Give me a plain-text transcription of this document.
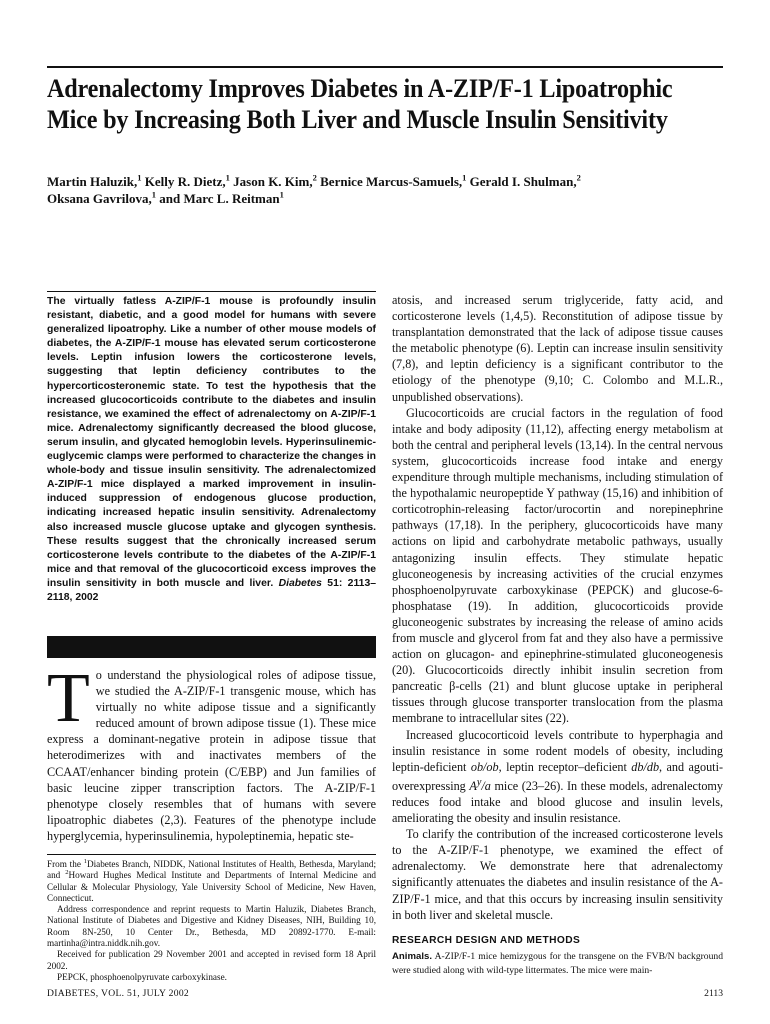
Adrenalectomy Improves Diabetes in A-ZIP/F-1 Lipoatrophic Mice by Increasing Both Liver and Muscle Insulin Sensitivity
Martin Haluzik,$^1$ Kelly R. Dietz,$^1$ Jason K. Kim,$^2$ Bernice Marcus-Samuels,$^1$ Gerald I. Shulman,$^2$
Oksana Gavrilova,$^1$ and Marc L. Reitman$^1$

The virtually fatless A-ZIP/F-1 mouse is profoundly insulin resistant, diabetic, and a good model for humans with severe generalized lipoatrophy. Like a number of other mouse models of diabetes, the A-ZIP/F-1 mouse has elevated serum corticosterone levels. Leptin infusion lowers the corticosterone levels, suggesting that leptin deficiency contributes to the hypercorticosteronemic state. To test the hypothesis that the increased glucocorticoids contribute to the diabetes and insulin resistance, we examined the effect of adrenalectomy on A-ZIP/F-1 mice. Adrenalectomy significantly decreased the blood glucose, serum insulin, and glycated hemoglobin levels. Hyperinsulinemic-euglycemic clamps were performed to characterize the changes in whole-body and tissue insulin sensitivity. The adrenalectomized A-ZIP/F-1 mice displayed a marked improvement in insulin-induced suppression of endogenous glucose production, indicating increased hepatic insulin sensitivity. Adrenalectomy also increased muscle glucose uptake and glycogen synthesis. These results suggest that the chronically increased serum corticosterone levels contribute to the diabetes of the A-ZIP/F-1 mice and that removal of the glucocorticoid excess improves the insulin sensitivity in both muscle and liver. Diabetes 51: 2113–2118, 2002

T o understand the physiological roles of adipose tissue, we studied the A-ZIP/F-1 transgenic mouse, which has virtually no white adipose tissue and a significantly reduced amount of brown adipose tissue (1). These mice express a dominant-negative protein in adipose tissue that heterodimerizes with and inactivates members of the CCAAT/enhancer binding protein (C/EBP) and Jun families of basic leucine zipper transcription factors. The A-ZIP/F-1 phenotype closely resembles that of humans with severe lipoatrophic diabetes (2,3). Features of the phenotype include hyperglycemia, hyperinsulinemia, hypoleptinemia, hepatic ste-

From the $^1$Diabetes Branch, NIDDK, National Institutes of Health, Bethesda, Maryland; and $^2$Howard Hughes Medical Institute and Departments of Internal Medicine and Cellular & Molecular Physiology, Yale University School of Medicine, New Haven, Connecticut.

Address correspondence and reprint requests to Martin Haluzik, Diabetes Branch, National Institute of Diabetes and Digestive and Kidney Diseases, NIH, Building 10, Room 8N-250, 10 Center Dr., Bethesda, MD 20892-1770. E-mail: martinha@intra.niddk.nih.gov.

Received for publication 29 November 2001 and accepted in revised form 18 April 2002.

PEPCK, phosphoenolpyruvate carboxykinase.

atosis, and increased serum triglyceride, fatty acid, and corticosterone levels (1,4,5). Reconstitution of adipose tissue by transplantation demonstrated that the lack of adipose tissue causes the metabolic phenotype (6). Leptin can increase insulin sensitivity (7,8), and leptin deficiency is a significant contributor to the etiology of the phenotype (9,10; C. Colombo and M.L.R., unpublished observations).

Glucocorticoids are crucial factors in the regulation of food intake and body adiposity (11,12), affecting energy metabolism at both the central and peripheral levels (13,14). In the central nervous system, glucocorticoids increase food intake and energy expenditure through multiple mechanisms, including stimulation of the hypothalamic neuropeptide Y pathway (15,16) and inhibition of corticotrophin-releasing factor/urocortin and norepinephrine pathways (17,18). In the periphery, glucocorticoids have many actions on lipid and carbohydrate metabolic pathways, usually antagonizing insulin effects. They stimulate hepatic gluconeogenesis by increasing activities of the crucial enzymes phosphoenolpyruvate carboxykinase (PEPCK) and glucose-6-phosphatase (19). In addition, glucocorticoids provide gluconeogenic substrates by increasing the release of amino acids from muscle and glycerol from fat and they also have a permissive action on glucagon- and epinephrine-stimulated gluconeogenesis (20). Glucocorticoids directly inhibit insulin secretion from pancreatic β-cells (21) and blunt glucose uptake in peripheral tissues through glucose transporter translocation from the plasma membrane to intracellular sites (22).

Increased glucocorticoid levels contribute to hyperphagia and insulin resistance in some rodent models of obesity, including leptin-deficient ob/ob, leptin receptor–deficient db/db, and agouti-overexpressing $A^y/a$ mice (23–26). In these models, adrenalectomy reduces food intake and blood glucose and insulin levels, ameliorating the obesity and insulin resistance.

To clarify the contribution of the increased corticosterone levels to the A-ZIP/F-1 phenotype, we examined the effect of adrenalectomy. We demonstrate here that adrenalectomy significantly attenuates the diabetes and insulin resistance of the A-ZIP/F-1 mice, and that this occurs by increasing insulin sensitivity in both liver and skeletal muscle.

RESEARCH DESIGN AND METHODS

Animals. A-ZIP/F-1 mice hemizygous for the transgene on the FVB/N background were studied along with wild-type littermates. The mice were main-

DIABETES, VOL. 51, JULY 2002	2113
